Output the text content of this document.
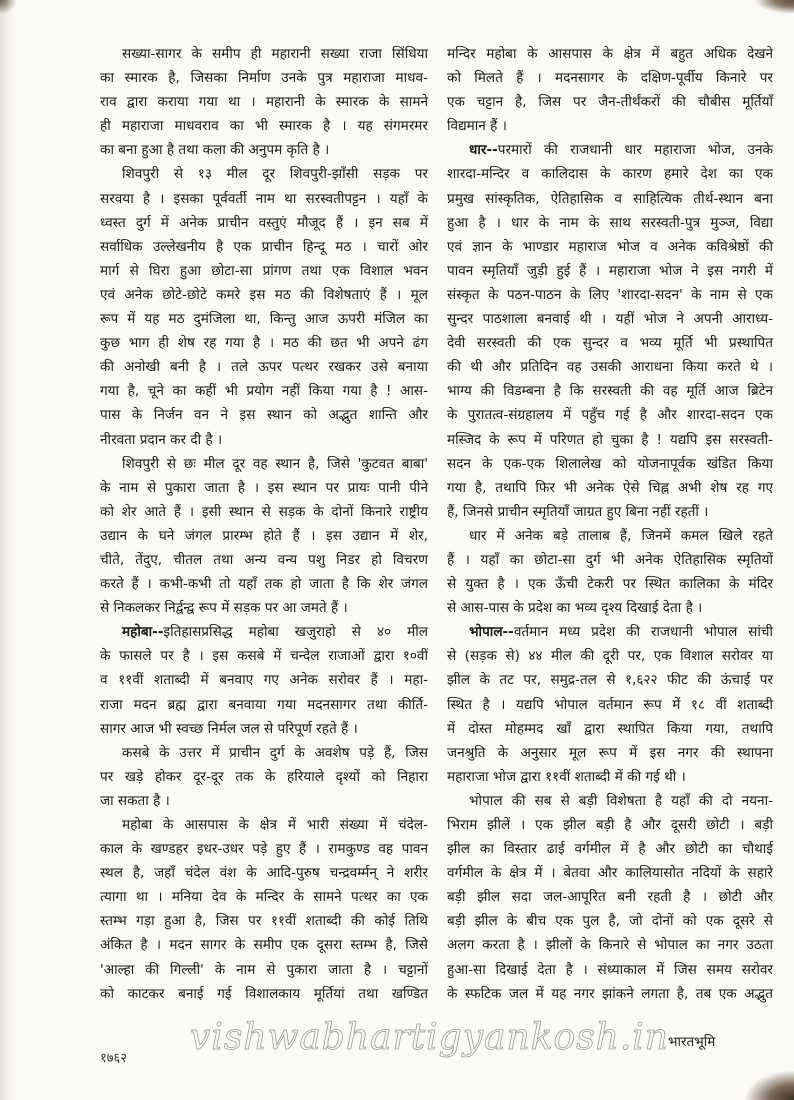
सख्या-सागर के समीप ही महारानी सख्या राजा सिंधिया
का स्मारक है, जिसका निर्माण उनके पुत्र महाराजा माधव-
राव द्वारा कराया गया था । महारानी के स्मारक के सामने
ही महाराजा माधवराव का भी स्मारक है । यह संगमरमर
का बना हुआ है तथा कला की अनुपम कृति है ।
शिवपुरी से १३ मील दूर शिवपुरी-झाँसी सड़क पर
सरवया है । इसका पूर्ववर्ती नाम था सरस्वतीपट्टन । यहाँ के
ध्वस्त दुर्ग में अनेक प्राचीन वस्तुएं मौजूद हैं । इन सब में
सर्वाधिक उल्लेखनीय है एक प्राचीन हिन्दू मठ । चारों ओर
मार्ग से घिरा हुआ छोटा-सा प्रांगण तथा एक विशाल भवन
एवं अनेक छोटे-छोटे कमरे इस मठ की विशेषताएं हैं । मूल
रूप में यह मठ दुमंजिला था, किन्तु आज ऊपरी मंजिल का
कुछ भाग ही शेष रह गया है । मठ की छत भी अपने ढंग
की अनोखी बनी है । तले ऊपर पत्थर रखकर उसे बनाया
गया है, चूने का कहीं भी प्रयोग नहीं किया गया है ! आस-
पास के निर्जन वन ने इस स्थान को अद्भुत शान्ति और
नीरवता प्रदान कर दी है ।
शिवपुरी से छः मील दूर वह स्थान है, जिसे 'कुटवत बाबा'
के नाम से पुकारा जाता है । इस स्थान पर प्रायः पानी पीने
को शेर आते हैं । इसी स्थान से सड़क के दोनों किनारे राष्ट्रीय
उद्यान के घने जंगल प्रारम्भ होते हैं । इस उद्यान में शेर,
चीते, तेंदुए, चीतल तथा अन्य वन्य पशु निडर हो विचरण
करते हैं । कभी-कभी तो यहाँ तक हो जाता है कि शेर जंगल
से निकलकर निर्द्वन्द्व रूप में सड़क पर आ जमते हैं ।
महोबा--इतिहासप्रसिद्ध महोबा खजुराहो से ४० मील
के फासले पर है । इस कसबे में चन्देल राजाओं द्वारा १०वीं
व ११वीं शताब्दी में बनवाए गए अनेक सरोवर हैं । महा-
राजा मदन ब्रह्म द्वारा बनवाया गया मदनसागर तथा कीर्ति-
सागर आज भी स्वच्छ निर्मल जल से परिपूर्ण रहते हैं ।
कसबे के उत्तर में प्राचीन दुर्ग के अवशेष पड़े हैं, जिस
पर खड़े होकर दूर-दूर तक के हरियाले दृश्यों को निहारा
जा सकता है ।
महोबा के आसपास के क्षेत्र में भारी संख्या में चंदेल-
काल के खण्डहर इधर-उधर पड़े हुए हैं । रामकुण्ड वह पावन
स्थल है, जहाँ चंदेल वंश के आदि-पुरुष चन्द्रवर्म्मन् ने शरीर
त्यागा था । मनिया देव के मन्दिर के सामने पत्थर का एक
स्तम्भ गड़ा हुआ है, जिस पर ११वीं शताब्दी की कोई तिथि
अंकित है । मदन सागर के समीप एक दूसरा स्तम्भ है, जिसे
'आल्हा की गिल्ली' के नाम से पुकारा जाता है । चट्टानों
को काटकर बनाई गई विशालकाय मूर्तियां तथा खण्डित
मन्दिर महोबा के आसपास के क्षेत्र में बहुत अधिक देखने
को मिलते हैं । मदनसागर के दक्षिण-पूर्वीय किनारे पर
एक चट्टान है, जिस पर जैन-तीर्थंकरों की चौबीस मूर्तियाँ
विद्यमान हैं ।
धार--परमारों की राजधानी धार महाराजा भोज, उनके
शारदा-मन्दिर व कालिदास के कारण हमारे देश का एक
प्रमुख सांस्कृतिक, ऐतिहासिक व साहित्यिक तीर्थ-स्थान बना
हुआ है । धार के नाम के साथ सरस्वती-पुत्र मुञ्ज, विद्या
एवं ज्ञान के भाण्डार महाराज भोज व अनेक कविश्रेष्ठों की
पावन स्मृतियाँ जुड़ी हुई हैं । महाराजा भोज ने इस नगरी में
संस्कृत के पठन-पाठन के लिए 'शारदा-सदन' के नाम से एक
सुन्दर पाठशाला बनवाई थी । यहीं भोज ने अपनी आराध्य-
देवी सरस्वती की एक सुन्दर व भव्य मूर्ति भी प्रस्थापित
की थी और प्रतिदिन वह उसकी आराधना किया करते थे ।
भाग्य की विडम्बना है कि सरस्वती की वह मूर्ति आज ब्रिटेन
के पुरातत्व-संग्रहालय में पहुँच गई है और शारदा-सदन एक
मस्जिद के रूप में परिणत हो चुका है ! यद्यपि इस सरस्वती-
सदन के एक-एक शिलालेख को योजनापूर्वक खंडित किया
गया है, तथापि फिर भी अनेक ऐसे चिह्न अभी शेष रह गए
हैं, जिनसे प्राचीन स्मृतियाँ जाग्रत हुए बिना नहीं रहतीं ।
धार में अनेक बड़े तालाब हैं, जिनमें कमल खिले रहते
हैं । यहाँ का छोटा-सा दुर्ग भी अनेक ऐतिहासिक स्मृतियों
से युक्त है । एक ऊँची टेकरी पर स्थित कालिका के मंदिर
से आस-पास के प्रदेश का भव्य दृश्य दिखाई देता है ।
भोपाल--वर्तमान मध्य प्रदेश की राजधानी भोपाल सांची
से (सड़क से) ४४ मील की दूरी पर, एक विशाल सरोवर या
झील के तट पर, समुद्र-तल से १,६२२ फीट की ऊंचाई पर
स्थित है । यद्यपि भोपाल वर्तमान रूप में १८ वीं शताब्दी
में दोस्त मोहम्मद खाँ द्वारा स्थापित किया गया, तथापि
जनश्रुति के अनुसार मूल रूप में इस नगर की स्थापना
महाराजा भोज द्वारा ११वीं शताब्दी में की गई थी ।
भोपाल की सब से बड़ी विशेषता है यहाँ की दो नयना-
भिराम झीलें । एक झील बड़ी है और दूसरी छोटी । बड़ी
झील का विस्तार ढाई वर्गमील में है और छोटी का चौथाई
वर्गमील के क्षेत्र में । बेतवा और कालियासोत नदियों के सहारे
बड़ी झील सदा जल-आपूरित बनी रहती है । छोटी और
बड़ी झील के बीच एक पुल है, जो दोनों को एक दूसरे से
अलग करता है । झीलों के किनारे से भोपाल का नगर उठता
हुआ-सा दिखाई देता है । संध्याकाल में जिस समय सरोवर
के स्फटिक जल में यह नगर झांकने लगता है, तब एक अद्भुत
vishwabhartigyankosh.in
१७६२
भारतभूमि
